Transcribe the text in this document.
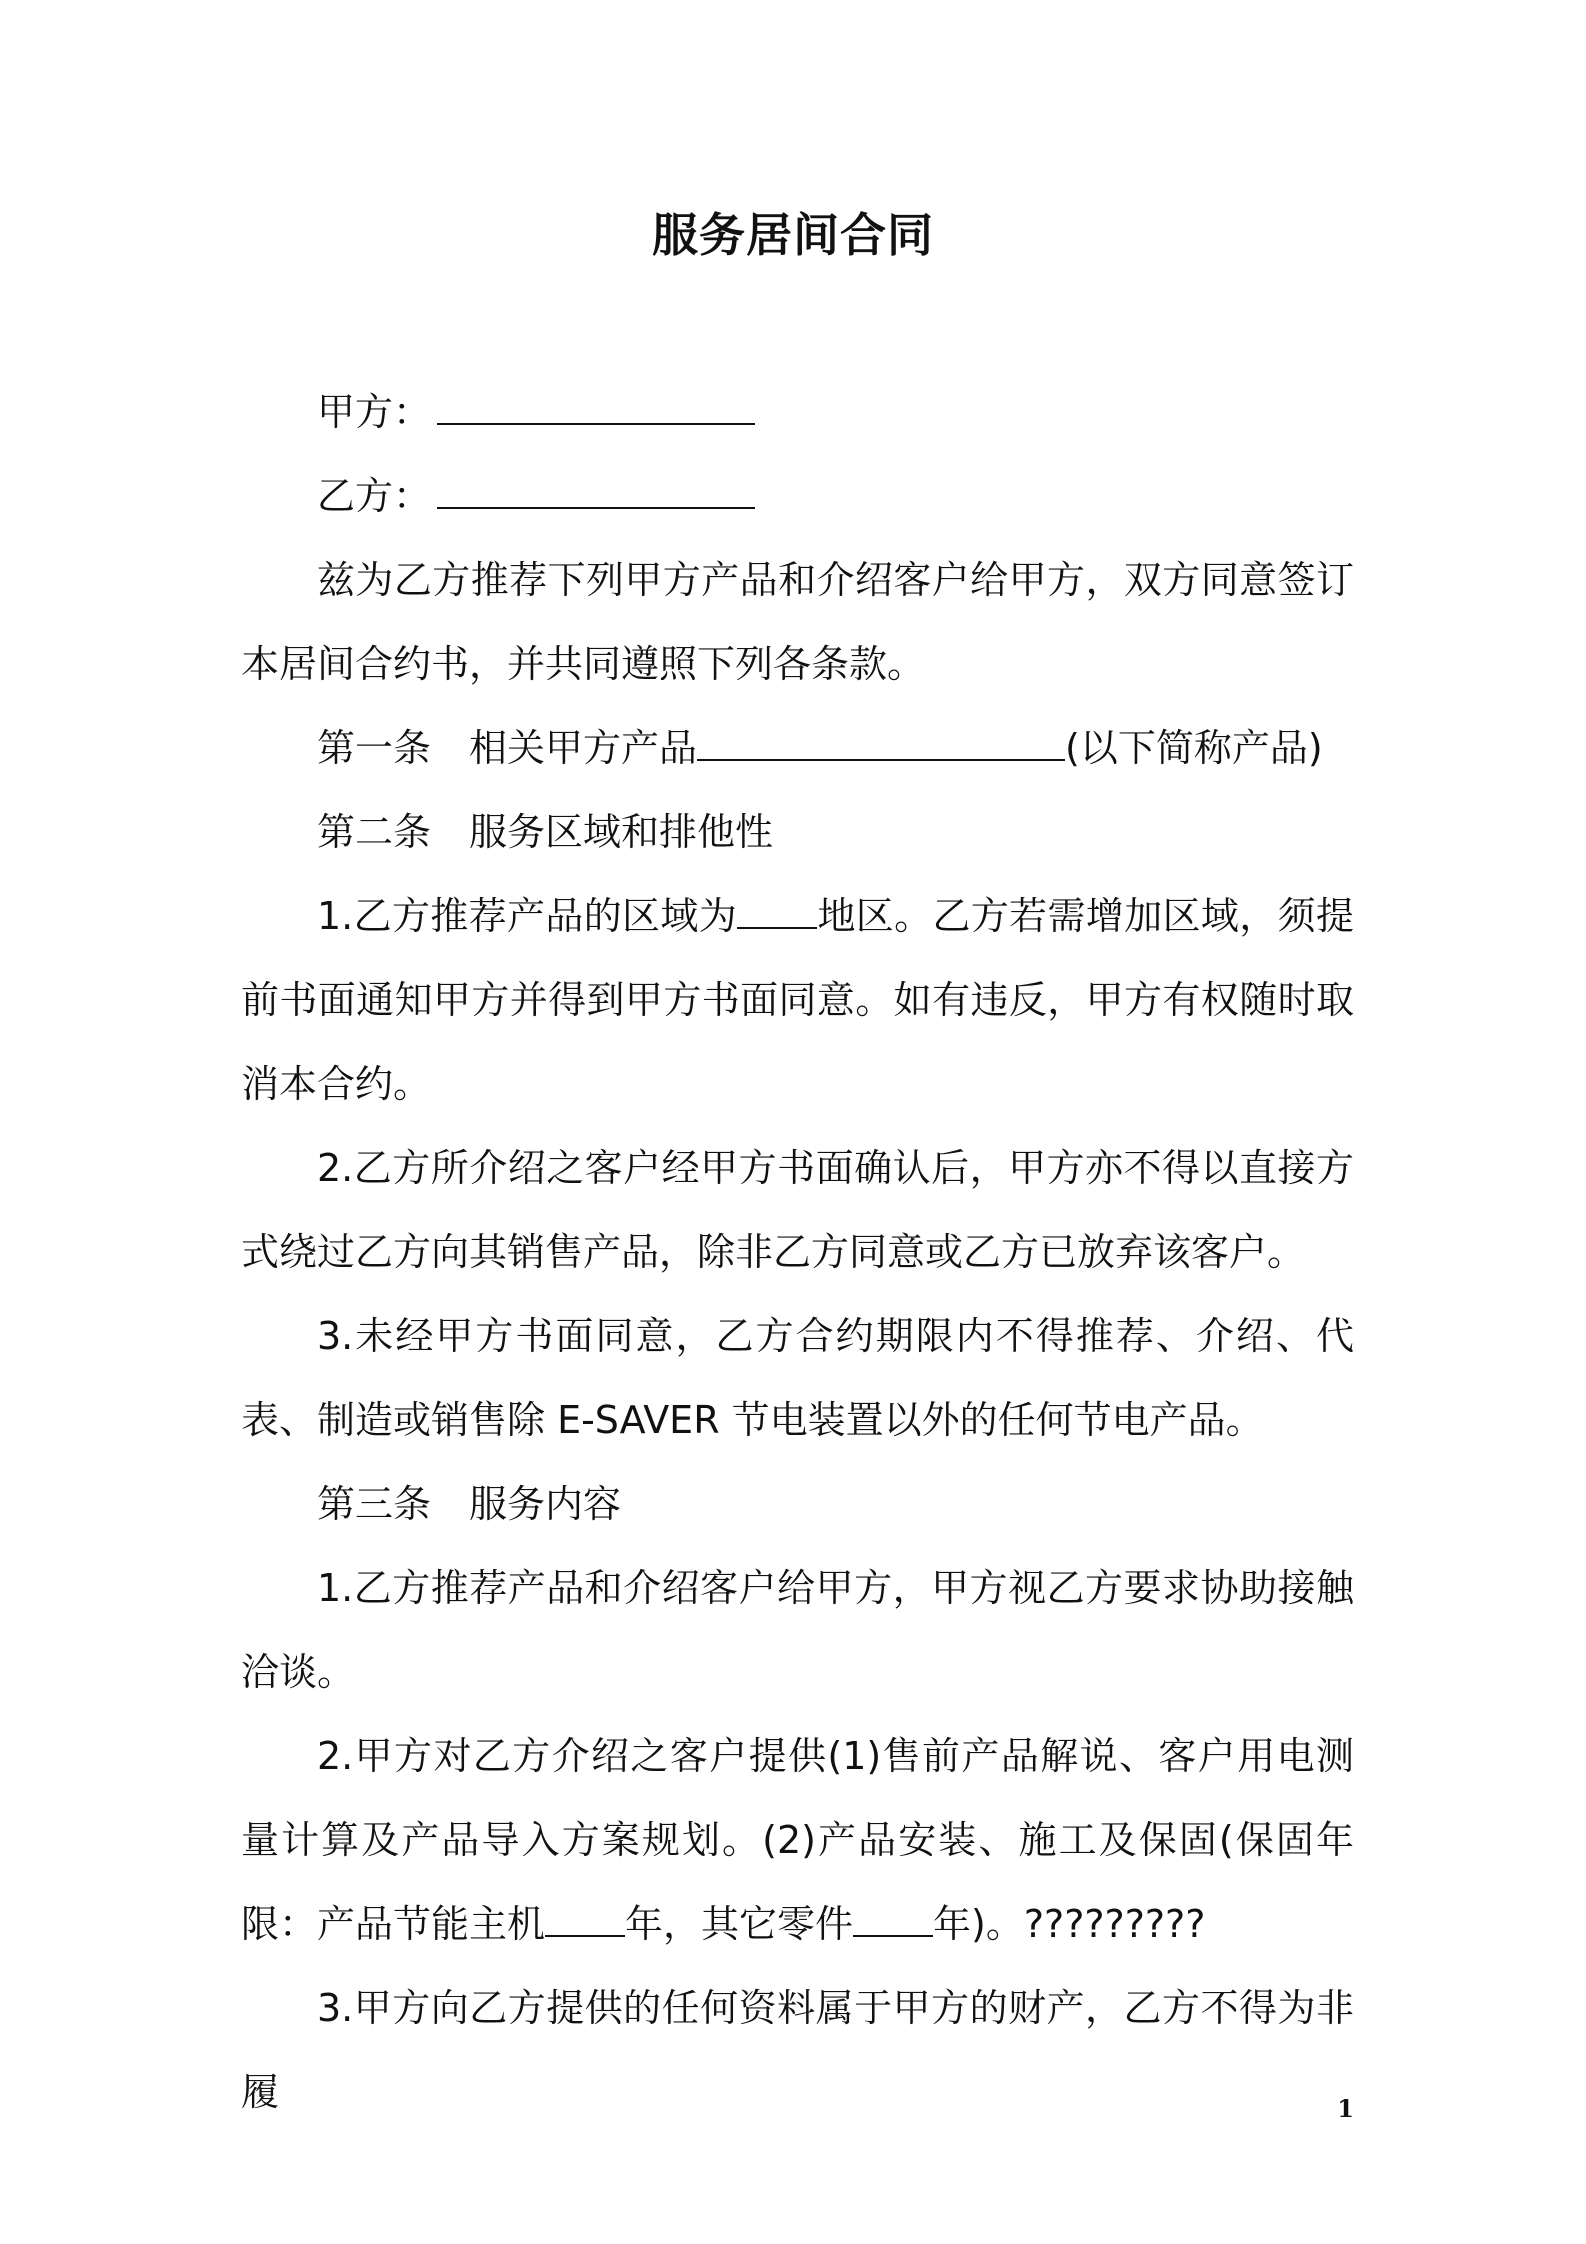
服务居间合同

甲方：

乙方：

兹为乙方推荐下列甲方产品和介绍客户给甲方，双方同意签订本居间合约书，并共同遵照下列各条款。

第一条 相关甲方产品	(以下简称产品)

第二条 服务区域和排他性

1.乙方推荐产品的区域为 地区。乙方若需增加区域，须提前书面通知甲方并得到甲方书面同意。如有违反，甲方有权随时取消本合约。

2.乙方所介绍之客户经甲方书面确认后，甲方亦不得以直接方式绕过乙方向其销售产品，除非乙方同意或乙方已放弃该客户。

3.未经甲方书面同意，乙方合约期限内不得推荐、介绍、代表、制造或销售除 E-SAVER 节电装置以外的任何节电产品。

第三条 服务内容

1.乙方推荐产品和介绍客户给甲方，甲方视乙方要求协助接触洽谈。

2.甲方对乙方介绍之客户提供(1)售前产品解说、客户用电测量计算及产品导入方案规划。(2)产品安装、施工及保固(保固年限：产品节能主机 年，其它零件 年)。?????????

3.甲方向乙方提供的任何资料属于甲方的财产，乙方不得为非履	1
